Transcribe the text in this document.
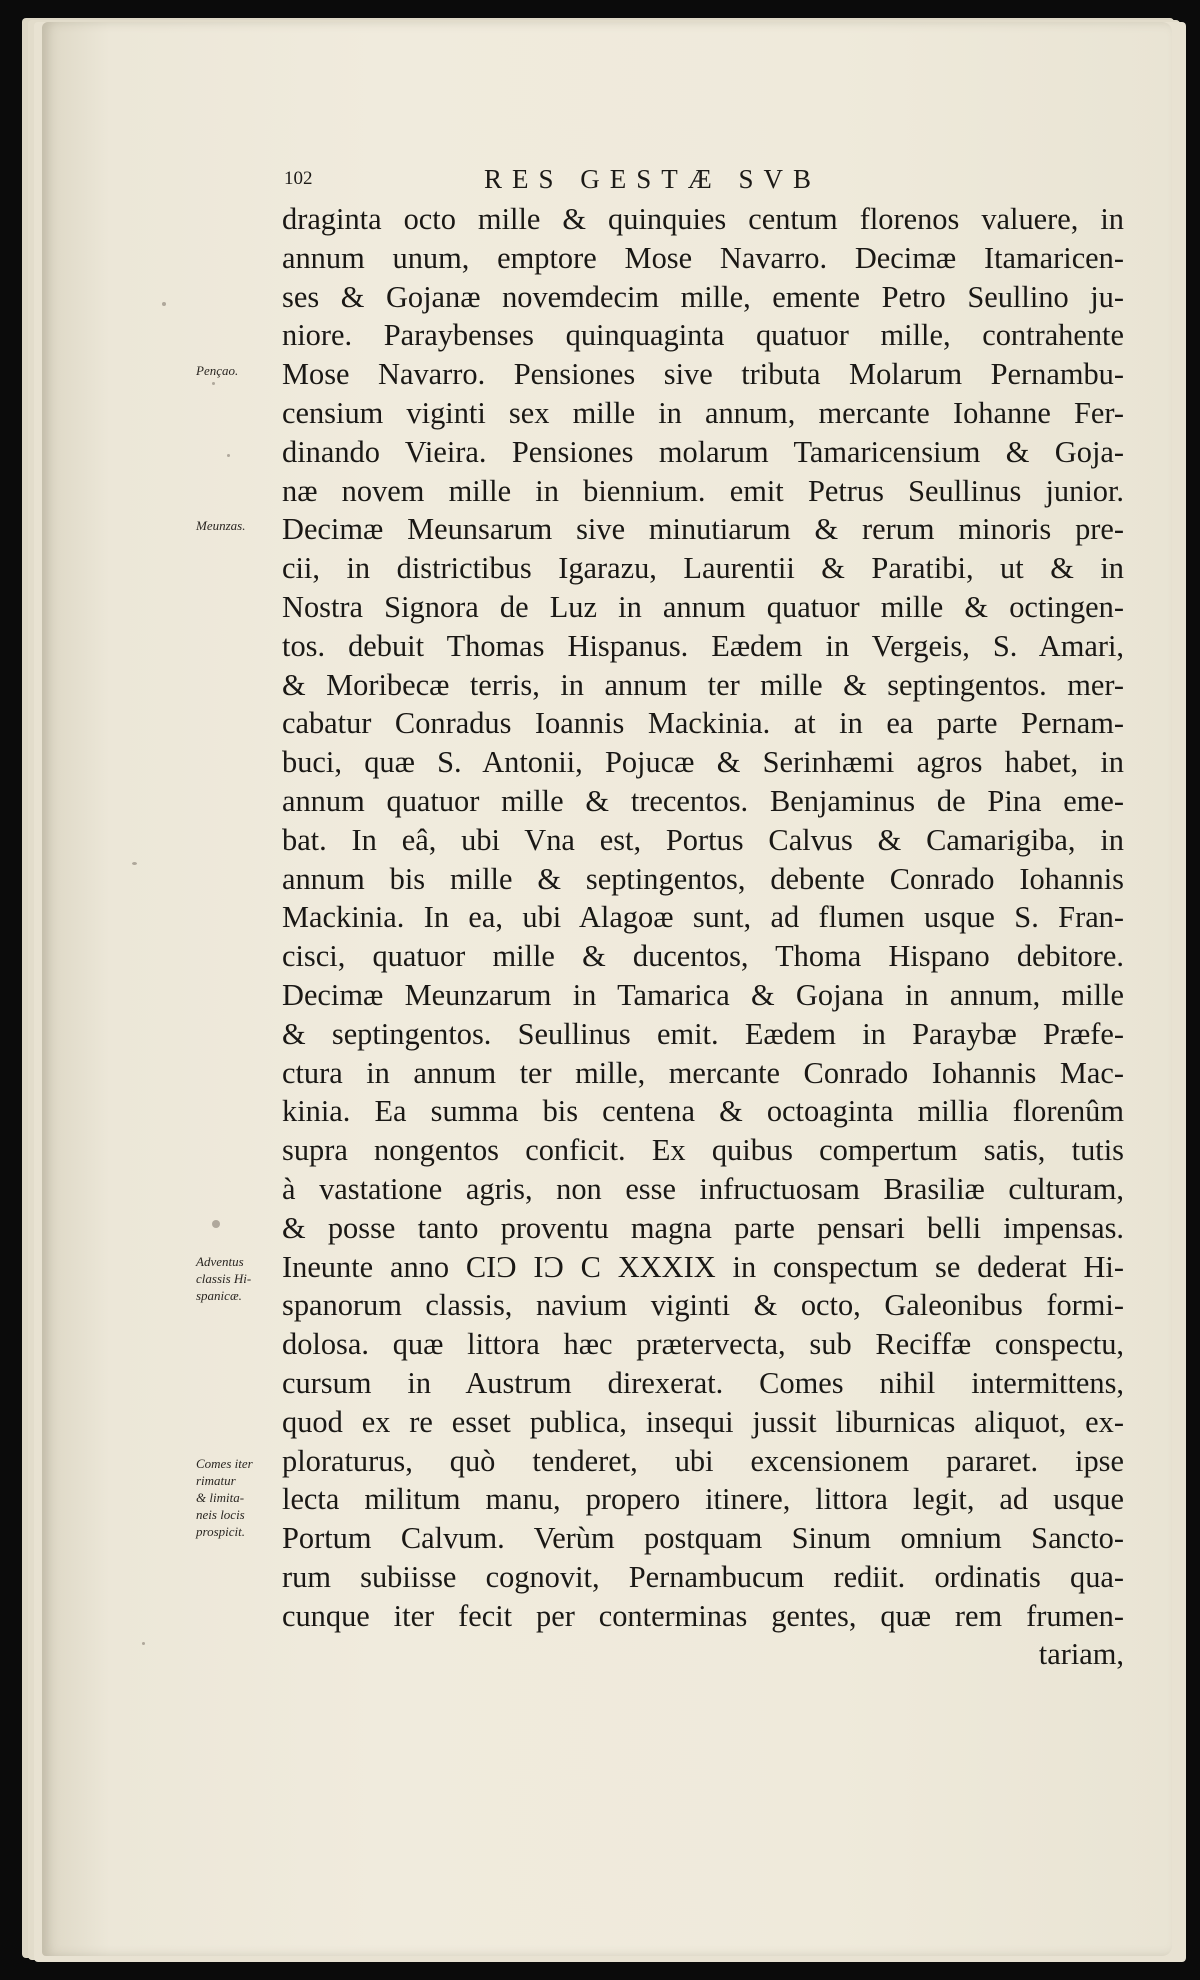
102	RES GESTÆ SVB
Pençao.
Meunzas.
Adventus
classis Hi-
spanicæ.
Comes iter
rimatur
& limita-
neis locis
prospicit.
draginta octo mille & quinquies centum florenos valuere, in
annum unum, emptore Mose Navarro. Decimæ Itamaricen-
ses & Gojanæ novemdecim mille, emente Petro Seullino ju-
niore. Paraybenses quinquaginta quatuor mille, contrahente
Mose Navarro. Pensiones sive tributa Molarum Pernambu-
censium viginti sex mille in annum, mercante Iohanne Fer-
dinando Vieira. Pensiones molarum Tamaricensium & Goja-
næ novem mille in biennium. emit Petrus Seullinus junior.
Decimæ Meunsarum sive minutiarum & rerum minoris pre-
cii, in districtibus Igarazu, Laurentii & Paratibi, ut & in
Nostra Signora de Luz in annum quatuor mille & octingen-
tos. debuit Thomas Hispanus. Eædem in Vergeis, S. Amari,
& Moribecæ terris, in annum ter mille & septingentos. mer-
cabatur Conradus Ioannis Mackinia. at in ea parte Pernam-
buci, quæ S. Antonii, Pojucæ & Serinhæmi agros habet, in
annum quatuor mille & trecentos. Benjaminus de Pina eme-
bat. In eâ, ubi Vna est, Portus Calvus & Camarigiba, in
annum bis mille & septingentos, debente Conrado Iohannis
Mackinia. In ea, ubi Alagoæ sunt, ad flumen usque S. Fran-
cisci, quatuor mille & ducentos, Thoma Hispano debitore.
Decimæ Meunzarum in Tamarica & Gojana in annum, mille
& septingentos. Seullinus emit. Eædem in Paraybæ Præfe-
ctura in annum ter mille, mercante Conrado Iohannis Mac-
kinia. Ea summa bis centena & octoaginta millia florenûm
supra nongentos conficit. Ex quibus compertum satis, tutis
à vastatione agris, non esse infructuosam Brasiliæ culturam,
& posse tanto proventu magna parte pensari belli impensas.
Ineunte anno CIƆ IƆ C XXXIX in conspectum se dederat Hi-
spanorum classis, navium viginti & octo, Galeonibus formi-
dolosa. quæ littora hæc prætervecta, sub Reciffæ conspectu,
cursum in Austrum direxerat. Comes nihil intermittens,
quod ex re esset publica, insequi jussit liburnicas aliquot, ex-
ploraturus, quò tenderet, ubi excensionem pararet. ipse
lecta militum manu, propero itinere, littora legit, ad usque
Portum Calvum. Verùm postquam Sinum omnium Sancto-
rum subiisse cognovit, Pernambucum rediit. ordinatis qua-
cunque iter fecit per conterminas gentes, quæ rem frumen-
tariam,
